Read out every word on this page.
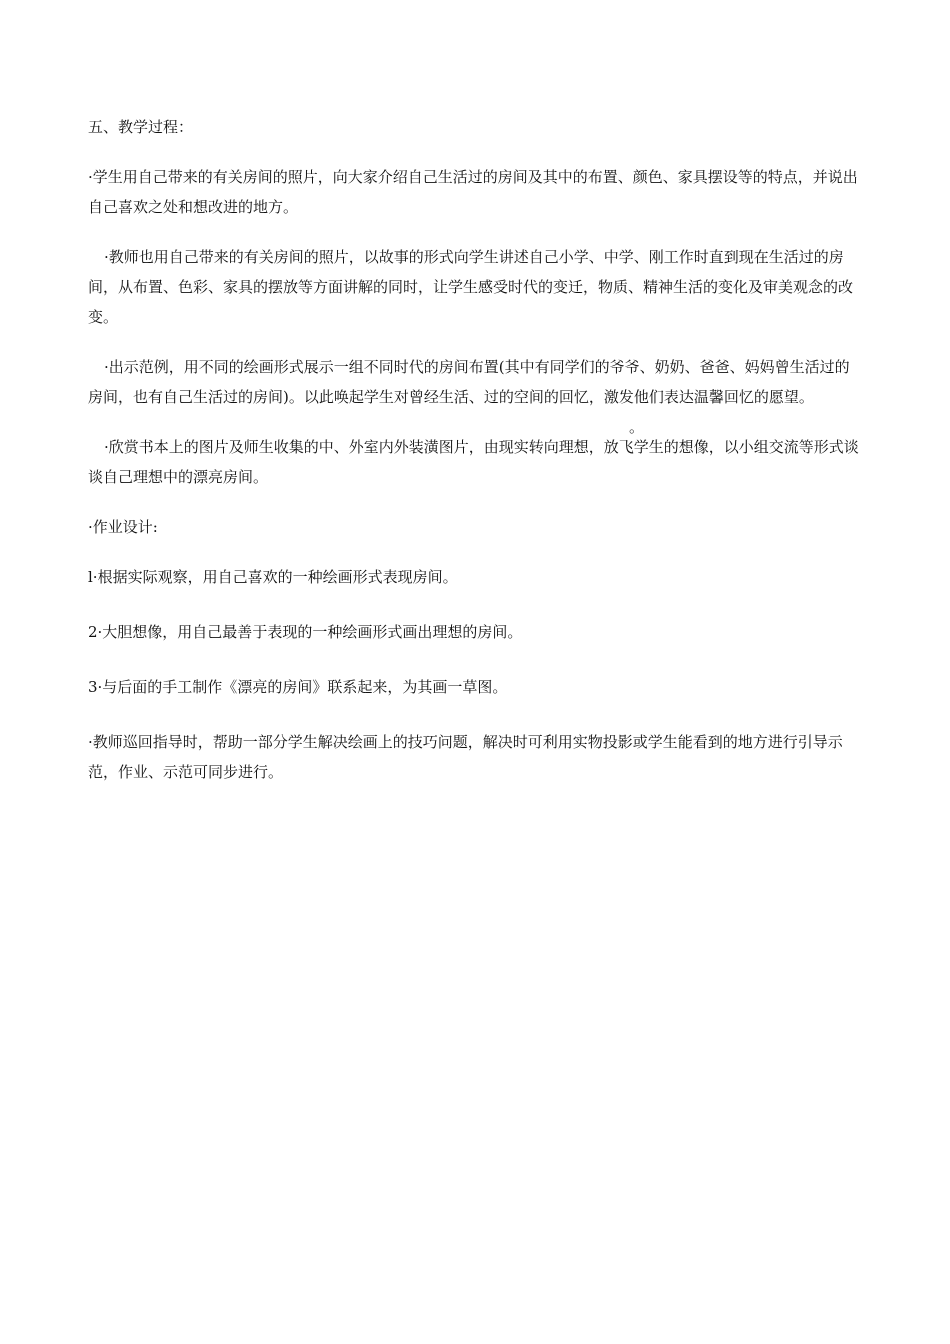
五、教学过程：

·学生用自己带来的有关房间的照片，向大家介绍自己生活过的房间及其中的布置、颜色、家具摆设等的特点，并说出自己喜欢之处和想改进的地方。

·教师也用自己带来的有关房间的照片，以故事的形式向学生讲述自己小学、中学、刚工作时直到现在生活过的房间，从布置、色彩、家具的摆放等方面讲解的同时，让学生感受时代的变迁，物质、精神生活的变化及审美观念的改变。

·出示范例，用不同的绘画形式展示一组不同时代的房间布置(其中有同学们的爷爷、奶奶、爸爸、妈妈曾生活过的房间，也有自己生活过的房间)。以此唤起学生对曾经生活、过的空间的回忆，激发他们表达温馨回忆的愿望。

。

·欣赏书本上的图片及师生收集的中、外室内外装潢图片，由现实转向理想，放飞学生的想像，以小组交流等形式谈谈自己理想中的漂亮房间。

·作业设计:

l·根据实际观察，用自己喜欢的一种绘画形式表现房间。

2·大胆想像，用自己最善于表现的一种绘画形式画出理想的房间。

3·与后面的手工制作《漂亮的房间》联系起来，为其画一草图。

·教师巡回指导时，帮助一部分学生解决绘画上的技巧问题，解决时可利用实物投影或学生能看到的地方进行引导示范，作业、示范可同步进行。
